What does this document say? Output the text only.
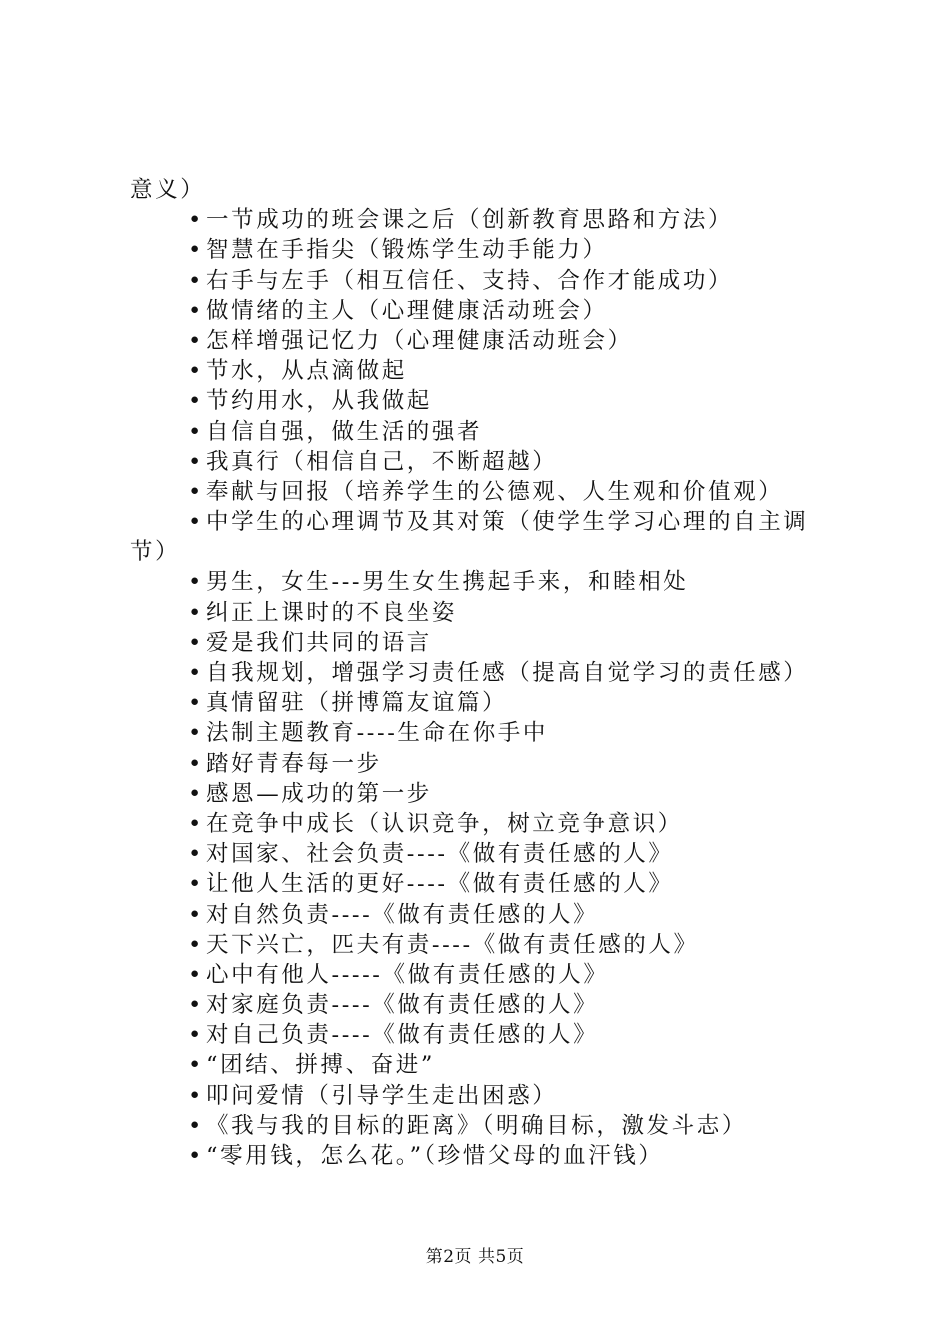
意义）
• 一节成功的班会课之后（创新教育思路和方法）
• 智慧在手指尖（锻炼学生动手能力）
• 右手与左手（相互信任、支持、合作才能成功）
• 做情绪的主人（心理健康活动班会）
• 怎样增强记忆力（心理健康活动班会）
• 节水，从点滴做起
• 节约用水，从我做起
• 自信自强，做生活的强者
• 我真行（相信自己，不断超越）
• 奉献与回报（培养学生的公德观、人生观和价值观）
• 中学生的心理调节及其对策（使学生学习心理的自主调
节）
• 男生，女生---男生女生携起手来，和睦相处
• 纠正上课时的不良坐姿
• 爱是我们共同的语言
• 自我规划，增强学习责任感（提高自觉学习的责任感）
• 真情留驻（拼博篇友谊篇）
• 法制主题教育----生命在你手中
• 踏好青春每一步
• 感恩—成功的第一步
• 在竞争中成长（认识竞争，树立竞争意识）
• 对国家、社会负责----《做有责任感的人》
• 让他人生活的更好----《做有责任感的人》
• 对自然负责----《做有责任感的人》
• 天下兴亡，匹夫有责----《做有责任感的人》
• 心中有他人-----《做有责任感的人》
• 对家庭负责----《做有责任感的人》
• 对自己负责----《做有责任感的人》
• “团结、拼搏、奋进”
• 叩问爱情（引导学生走出困惑）
• 《我与我的目标的距离》（明确目标，激发斗志）
• “零用钱，怎么花。”（珍惜父母的血汗钱）
第2页 共5页
